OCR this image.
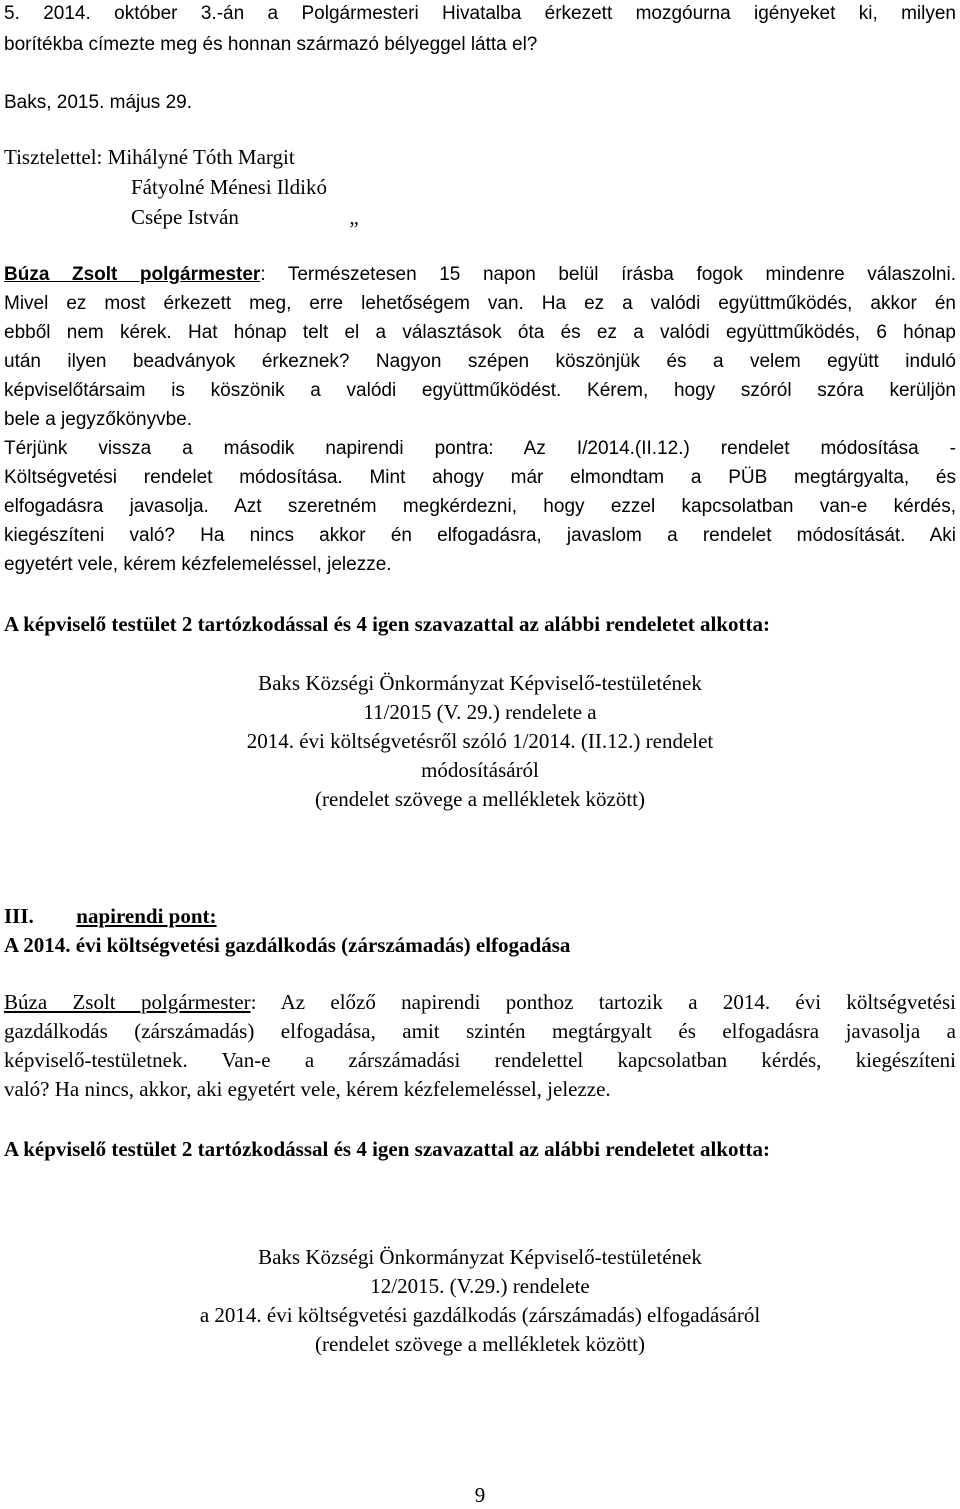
5. 2014. október 3.-án a Polgármesteri Hivatalba érkezett mozgóurna igényeket ki, milyen
borítékba címezte meg és honnan származó bélyeggel látta el?
Baks, 2015. május 29.
Tisztelettel: Mihályné Tóth Margit
Fátyolné Ménesi Ildikó
Csépe István	„
Búza Zsolt polgármester: Természetesen 15 napon belül írásba fogok mindenre válaszolni.
Mivel ez most érkezett meg, erre lehetőségem van. Ha ez a valódi együttműködés, akkor én
ebből nem kérek. Hat hónap telt el a választások óta és ez a valódi együttműködés, 6 hónap
után ilyen beadványok érkeznek? Nagyon szépen köszönjük és a velem együtt induló
képviselőtársaim is köszönik a valódi együttműködést. Kérem, hogy szóról szóra kerüljön
bele a jegyzőkönyvbe.
Térjünk vissza a második napirendi pontra: Az I/2014.(II.12.) rendelet módosítása -
Költségvetési rendelet módosítása. Mint ahogy már elmondtam a PÜB megtárgyalta, és
elfogadásra javasolja. Azt szeretném megkérdezni, hogy ezzel kapcsolatban van-e kérdés,
kiegészíteni való? Ha nincs akkor én elfogadásra, javaslom a rendelet módosítását. Aki
egyetért vele, kérem kézfelemeléssel, jelezze.
A képviselő testület 2 tartózkodással és 4 igen szavazattal az alábbi rendeletet alkotta:
Baks Községi Önkormányzat Képviselő-testületének
11/2015 (V. 29.) rendelete a
2014. évi költségvetésről szóló 1/2014. (II.12.) rendelet
módosításáról
(rendelet szövege a mellékletek között)
III. napirendi pont:
A 2014. évi költségvetési gazdálkodás (zárszámadás) elfogadása
Búza Zsolt polgármester: Az előző napirendi ponthoz tartozik a 2014. évi költségvetési
gazdálkodás (zárszámadás) elfogadása, amit szintén megtárgyalt és elfogadásra javasolja a
képviselő-testületnek. Van-e a zárszámadási rendelettel kapcsolatban kérdés, kiegészíteni
való? Ha nincs, akkor, aki egyetért vele, kérem kézfelemeléssel, jelezze.
A képviselő testület 2 tartózkodással és 4 igen szavazattal az alábbi rendeletet alkotta:
Baks Községi Önkormányzat Képviselő-testületének
12/2015. (V.29.) rendelete
a 2014. évi költségvetési gazdálkodás (zárszámadás) elfogadásáról
(rendelet szövege a mellékletek között)
9
